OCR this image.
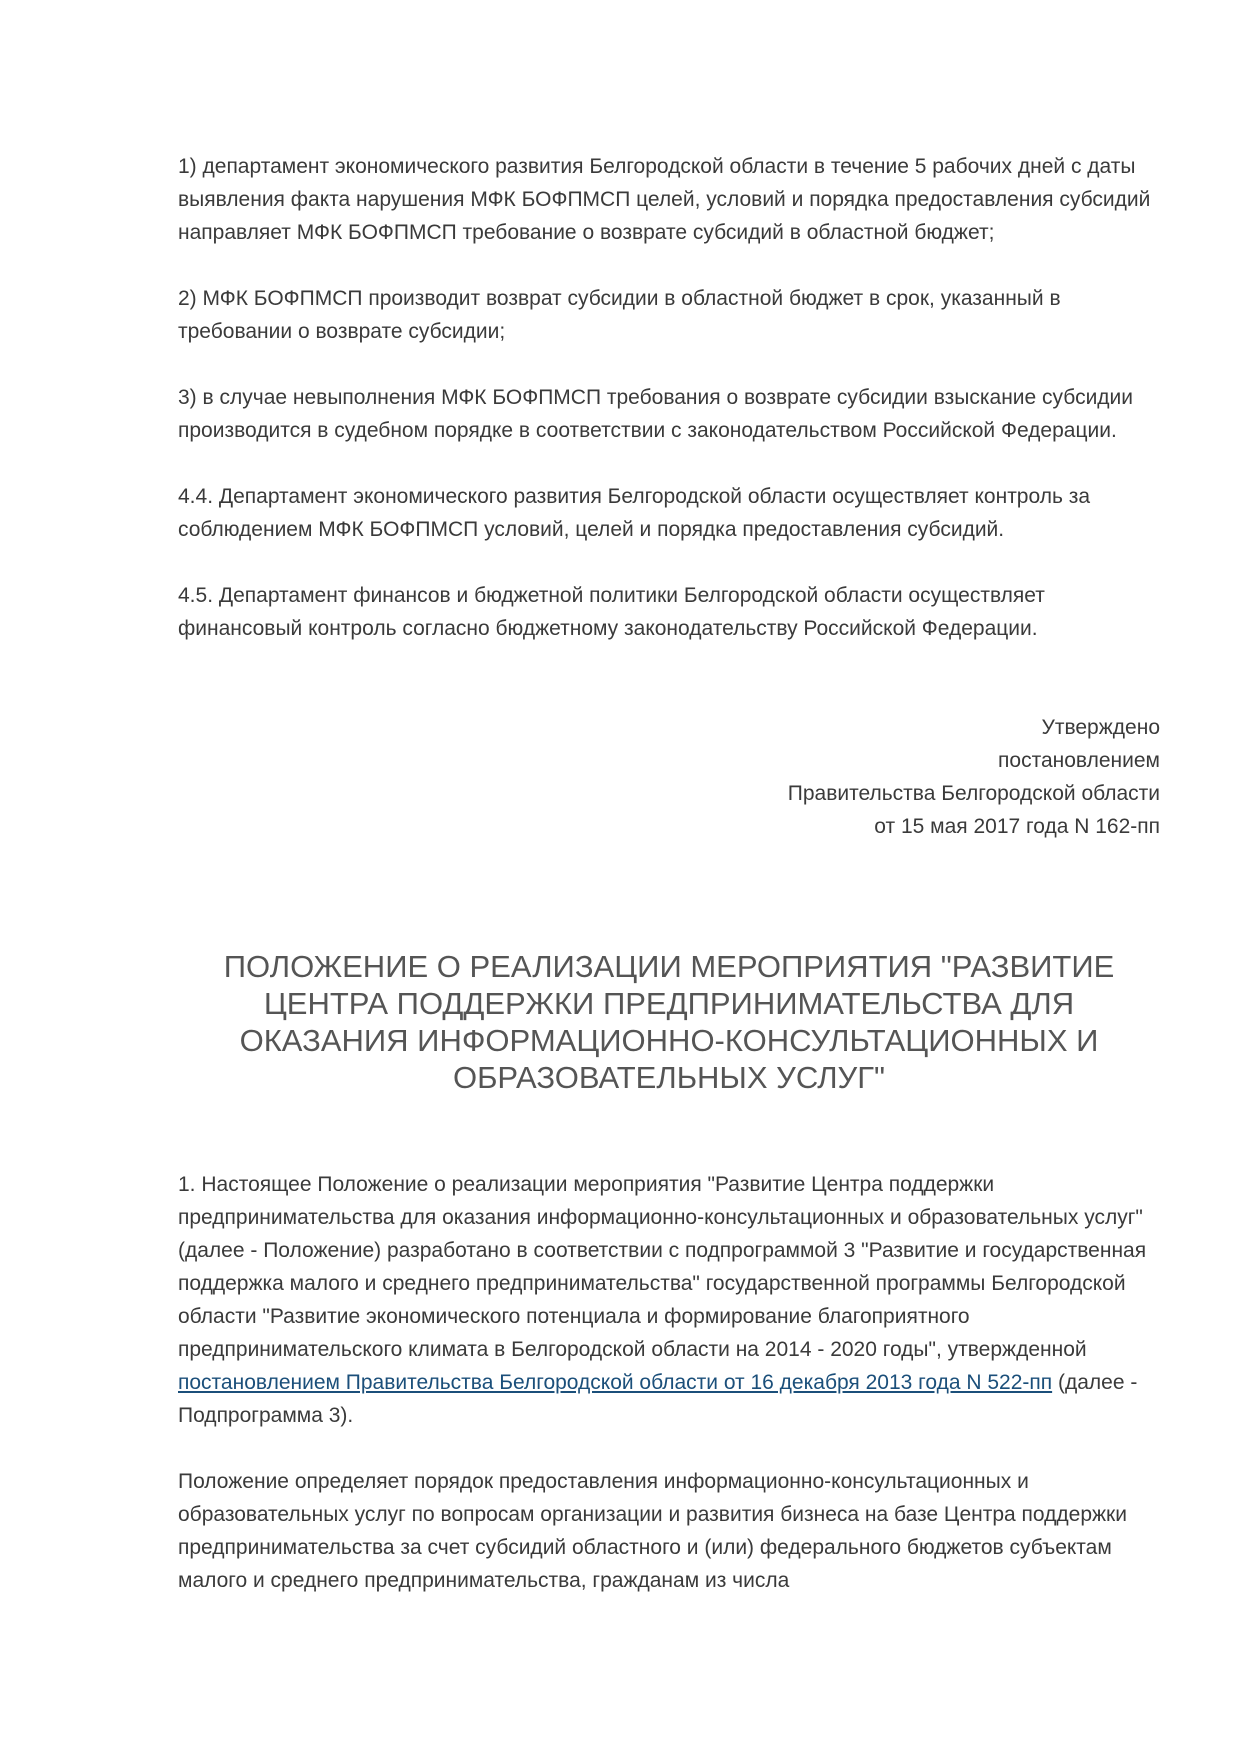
1) департамент экономического развития Белгородской области в течение 5 рабочих дней с даты выявления факта нарушения МФК БОФПМСП целей, условий и порядка предоставления субсидий направляет МФК БОФПМСП требование о возврате субсидий в областной бюджет;

2) МФК БОФПМСП производит возврат субсидии в областной бюджет в срок, указанный в требовании о возврате субсидии;

3) в случае невыполнения МФК БОФПМСП требования о возврате субсидии взыскание субсидии производится в судебном порядке в соответствии с законодательством Российской Федерации.

4.4. Департамент экономического развития Белгородской области осуществляет контроль за соблюдением МФК БОФПМСП условий, целей и порядка предоставления субсидий.

4.5. Департамент финансов и бюджетной политики Белгородской области осуществляет финансовый контроль согласно бюджетному законодательству Российской Федерации.

Утверждено
постановлением
Правительства Белгородской области
от 15 мая 2017 года N 162-пп
ПОЛОЖЕНИЕ О РЕАЛИЗАЦИИ МЕРОПРИЯТИЯ "РАЗВИТИЕ ЦЕНТРА ПОДДЕРЖКИ ПРЕДПРИНИМАТЕЛЬСТВА ДЛЯ ОКАЗАНИЯ ИНФОРМАЦИОННО-КОНСУЛЬТАЦИОННЫХ И ОБРАЗОВАТЕЛЬНЫХ УСЛУГ"

1. Настоящее Положение о реализации мероприятия "Развитие Центра поддержки предпринимательства для оказания информационно-консультационных и образовательных услуг" (далее - Положение) разработано в соответствии с подпрограммой 3 "Развитие и государственная поддержка малого и среднего предпринимательства" государственной программы Белгородской области "Развитие экономического потенциала и формирование благоприятного предпринимательского климата в Белгородской области на 2014 - 2020 годы", утвержденной постановлением Правительства Белгородской области от 16 декабря 2013 года N 522-пп (далее - Подпрограмма 3).

Положение определяет порядок предоставления информационно-консультационных и образовательных услуг по вопросам организации и развития бизнеса на базе Центра поддержки предпринимательства за счет субсидий областного и (или) федерального бюджетов субъектам малого и среднего предпринимательства, гражданам из числа
